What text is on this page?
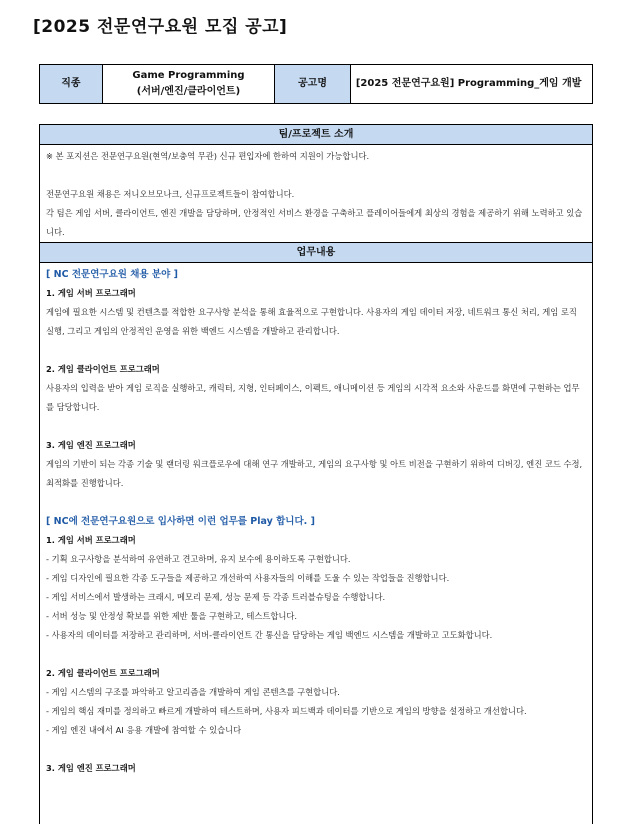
[2025 전문연구요원 모집 공고]
직종
Game Programming
(서버/엔진/클라이언트)
공고명	[2025 전문연구요원] Programming_게임 개발
팀/프로젝트 소개

※ 본 포지션은 전문연구요원(현역/보충역 무관) 신규 편입자에 한하여 지원이 가능합니다.

전문연구요원 채용은 저니오브모나크, 신규프로젝트들이 참여합니다.

각 팀은 게임 서버, 클라이언트, 엔진 개발을 담당하며, 안정적인 서비스 환경을 구축하고 플레이어들에게 최상의 경험을 제공하기 위해 노력하고 있습니다.

업무내용

[ NC 전문연구요원 채용 분야 ]

1. 게임 서버 프로그래머

게임에 필요한 시스템 및 컨텐츠를 적합한 요구사항 분석을 통해 효율적으로 구현합니다. 사용자의 게임 데이터 저장, 네트워크 통신 처리, 게임 로직 실행, 그리고 게임의 안정적인 운영을 위한 백엔드 시스템을 개발하고 관리합니다.

2. 게임 클라이언트 프로그래머

사용자의 입력을 받아 게임 로직을 실행하고, 캐릭터, 지형, 인터페이스, 이펙트, 애니메이션 등 게임의 시각적 요소와 사운드를 화면에 구현하는 업무를 담당합니다.

3. 게임 엔진 프로그래머

게임의 기반이 되는 각종 기술 및 랜더링 워크플로우에 대해 연구 개발하고, 게임의 요구사항 및 아트 비전을 구현하기 위하여 디버깅, 엔진 코드 수정, 최적화를 진행합니다.

[ NC에 전문연구요원으로 입사하면 이런 업무를 Play 합니다. ]

1. 게임 서버 프로그래머

- 기획 요구사항을 분석하여 유연하고 견고하며, 유지 보수에 용이하도록 구현합니다.

- 게임 디자인에 필요한 각종 도구들을 제공하고 개선하여 사용자들의 이해를 도울 수 있는 작업들을 진행합니다.

- 게임 서비스에서 발생하는 크래시, 메모리 문제, 성능 문제 등 각종 트러블슈팅을 수행합니다.

- 서버 성능 및 안정성 확보를 위한 제반 툴을 구현하고, 테스트합니다.

- 사용자의 데이터를 저장하고 관리하며, 서버-클라이언트 간 통신을 담당하는 게임 백엔드 시스템을 개발하고 고도화합니다.

2. 게임 클라이언트 프로그래머

- 게임 시스템의 구조를 파악하고 알고리즘을 개발하여 게임 콘텐츠를 구현합니다.

- 게임의 핵심 재미를 정의하고 빠르게 개발하여 테스트하며, 사용자 피드백과 데이터를 기반으로 게임의 방향을 설정하고 개선합니다.

- 게임 엔진 내에서 AI 응용 개발에 참여할 수 있습니다

3. 게임 엔진 프로그래머
